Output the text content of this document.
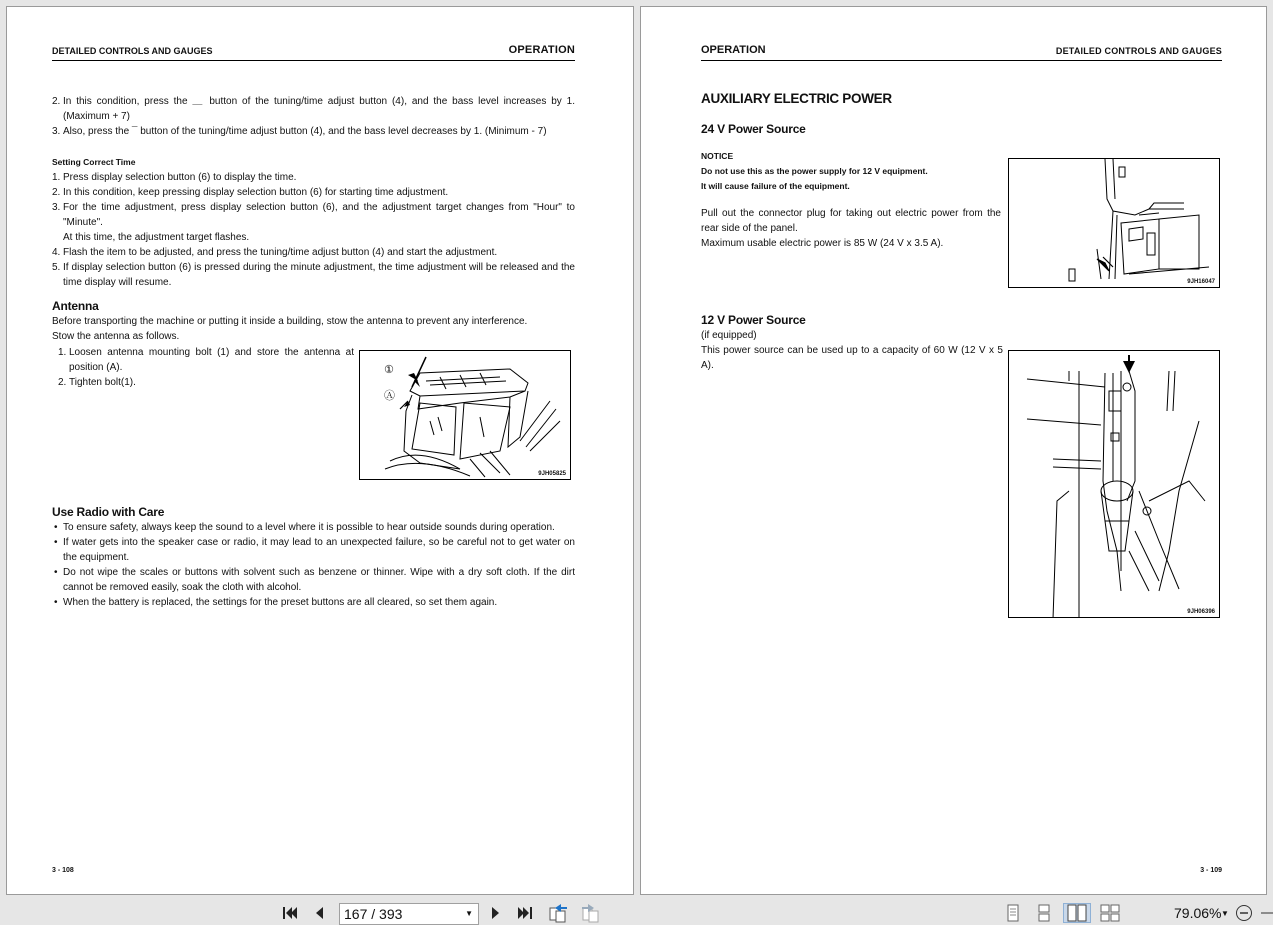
DETAILED CONTROLS AND GAUGES	OPERATION
2. In this condition, press the ＿ button of the tuning/time adjust button (4), and the bass level increases by 1. (Maximum + 7)
3. Also, press the ¯ button of the tuning/time adjust button (4), and the bass level decreases by 1. (Minimum - 7)
Setting Correct Time
1. Press display selection button (6) to display the time.
2. In this condition, keep pressing display selection button (6) for starting time adjustment.
3. For the time adjustment, press display selection button (6), and the adjustment target changes from "Hour" to "Minute".
At this time, the adjustment target flashes.
4. Flash the item to be adjusted, and press the tuning/time adjust button (4) and start the adjustment.
5. If display selection button (6) is pressed during the minute adjustment, the time adjustment will be released and the time display will resume.
Antenna
Before transporting the machine or putting it inside a building, stow the antenna to prevent any interference.
Stow the antenna as follows.
1. Loosen antenna mounting bolt (1) and store the antenna at position (A).
2. Tighten bolt(1).
①
Ⓐ
9JH05825
Use Radio with Care
• To ensure safety, always keep the sound to a level where it is possible to hear outside sounds during operation.
• If water gets into the speaker case or radio, it may lead to an unexpected failure, so be careful not to get water on the equipment.
• Do not wipe the scales or buttons with solvent such as benzene or thinner. Wipe with a dry soft cloth. If the dirt cannot be removed easily, soak the cloth with alcohol.
• When the battery is replaced, the settings for the preset buttons are all cleared, so set them again.
3 - 108
OPERATION	DETAILED CONTROLS AND GAUGES
AUXILIARY ELECTRIC POWER
24 V Power Source
NOTICE
Do not use this as the power supply for 12 V equipment.
It will cause failure of the equipment.
Pull out the connector plug for taking out electric power from the rear side of the panel.
Maximum usable electric power is 85 W (24 V x 3.5 A).
9JH16047
12 V Power Source
(if equipped)
This power source can be used up to a capacity of 60 W (12 V x 5 A).
9JH06396
3 - 109
167 / 393	▼	79.06% ▼
